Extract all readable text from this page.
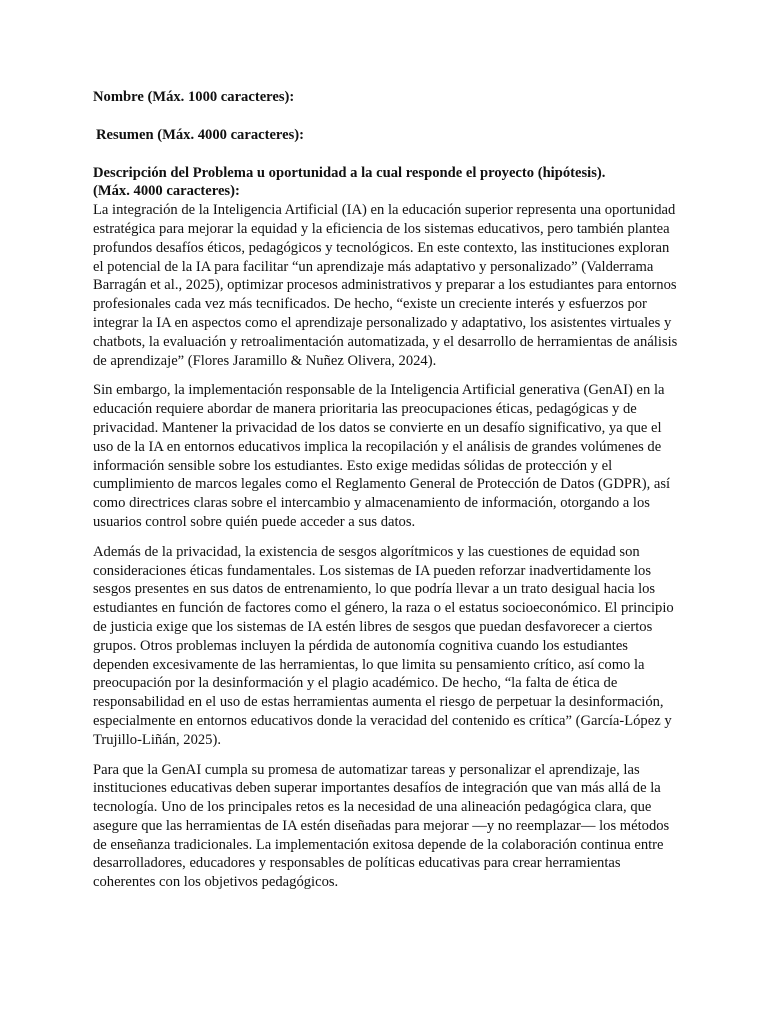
Nombre (Máx. 1000 caracteres):

Resumen (Máx. 4000 caracteres):

Descripción del Problema u oportunidad a la cual responde el proyecto (hipótesis).

(Máx. 4000 caracteres):

La integración de la Inteligencia Artificial (IA) en la educación superior representa una oportunidad estratégica para mejorar la equidad y la eficiencia de los sistemas educativos, pero también plantea profundos desafíos éticos, pedagógicos y tecnológicos. En este contexto, las instituciones exploran el potencial de la IA para facilitar “un aprendizaje más adaptativo y personalizado” (Valderrama Barragán et al., 2025), optimizar procesos administrativos y preparar a los estudiantes para entornos profesionales cada vez más tecnificados. De hecho, “existe un creciente interés y esfuerzos por integrar la IA en aspectos como el aprendizaje personalizado y adaptativo, los asistentes virtuales y chatbots, la evaluación y retroalimentación automatizada, y el desarrollo de herramientas de análisis de aprendizaje” (Flores Jaramillo & Nuñez Olivera, 2024).

Sin embargo, la implementación responsable de la Inteligencia Artificial generativa (GenAI) en la educación requiere abordar de manera prioritaria las preocupaciones éticas, pedagógicas y de privacidad. Mantener la privacidad de los datos se convierte en un desafío significativo, ya que el uso de la IA en entornos educativos implica la recopilación y el análisis de grandes volúmenes de información sensible sobre los estudiantes. Esto exige medidas sólidas de protección y el cumplimiento de marcos legales como el Reglamento General de Protección de Datos (GDPR), así como directrices claras sobre el intercambio y almacenamiento de información, otorgando a los usuarios control sobre quién puede acceder a sus datos.

Además de la privacidad, la existencia de sesgos algorítmicos y las cuestiones de equidad son consideraciones éticas fundamentales. Los sistemas de IA pueden reforzar inadvertidamente los sesgos presentes en sus datos de entrenamiento, lo que podría llevar a un trato desigual hacia los estudiantes en función de factores como el género, la raza o el estatus socioeconómico. El principio de justicia exige que los sistemas de IA estén libres de sesgos que puedan desfavorecer a ciertos grupos. Otros problemas incluyen la pérdida de autonomía cognitiva cuando los estudiantes dependen excesivamente de las herramientas, lo que limita su pensamiento crítico, así como la preocupación por la desinformación y el plagio académico. De hecho, “la falta de ética de responsabilidad en el uso de estas herramientas aumenta el riesgo de perpetuar la desinformación, especialmente en entornos educativos donde la veracidad del contenido es crítica” (García-López y Trujillo-Liñán, 2025).

Para que la GenAI cumpla su promesa de automatizar tareas y personalizar el aprendizaje, las instituciones educativas deben superar importantes desafíos de integración que van más allá de la tecnología. Uno de los principales retos es la necesidad de una alineación pedagógica clara, que asegure que las herramientas de IA estén diseñadas para mejorar —y no reemplazar— los métodos de enseñanza tradicionales. La implementación exitosa depende de la colaboración continua entre desarrolladores, educadores y responsables de políticas educativas para crear herramientas coherentes con los objetivos pedagógicos.
